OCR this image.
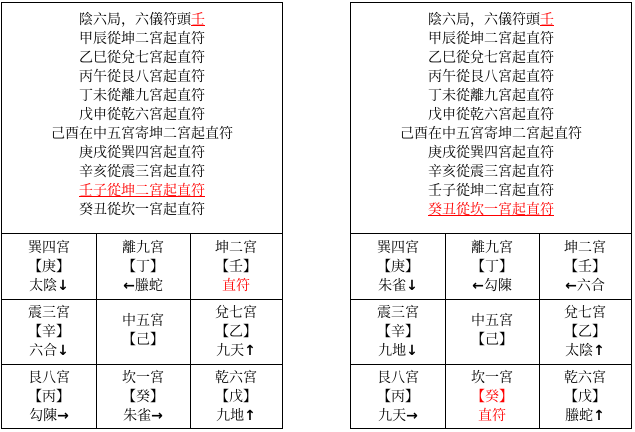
陰六局，六儀符頭壬
甲辰從坤二宮起直符
乙巳從兌七宮起直符
丙午從艮八宮起直符
丁未從離九宮起直符
戊申從乾六宮起直符
己酉在中五宮寄坤二宮起直符
庚戌從巽四宮起直符
辛亥從震三宮起直符
壬子從坤二宮起直符
癸丑從坎一宮起直符
巽四宮
【庚】
太陰↓
離九宮
【丁】
←螣蛇
坤二宮
【壬】
直符
震三宮
【辛】
六合↓
中五宮
【己】
兌七宮
【乙】
九天↑
艮八宮
【丙】
勾陳→
坎一宮
【癸】
朱雀→
乾六宮
【戊】
九地↑
陰六局，六儀符頭壬
甲辰從坤二宮起直符
乙巳從兌七宮起直符
丙午從艮八宮起直符
丁未從離九宮起直符
戊申從乾六宮起直符
己酉在中五宮寄坤二宮起直符
庚戌從巽四宮起直符
辛亥從震三宮起直符
壬子從坤二宮起直符
癸丑從坎一宮起直符
巽四宮
【庚】
朱雀↓
離九宮
【丁】
←勾陳
坤二宮
【壬】
←六合
震三宮
【辛】
九地↓
中五宮
【己】
兌七宮
【乙】
太陰↑
艮八宮
【丙】
九天→
坎一宮
【癸】
直符
乾六宮
【戊】
螣蛇↑
